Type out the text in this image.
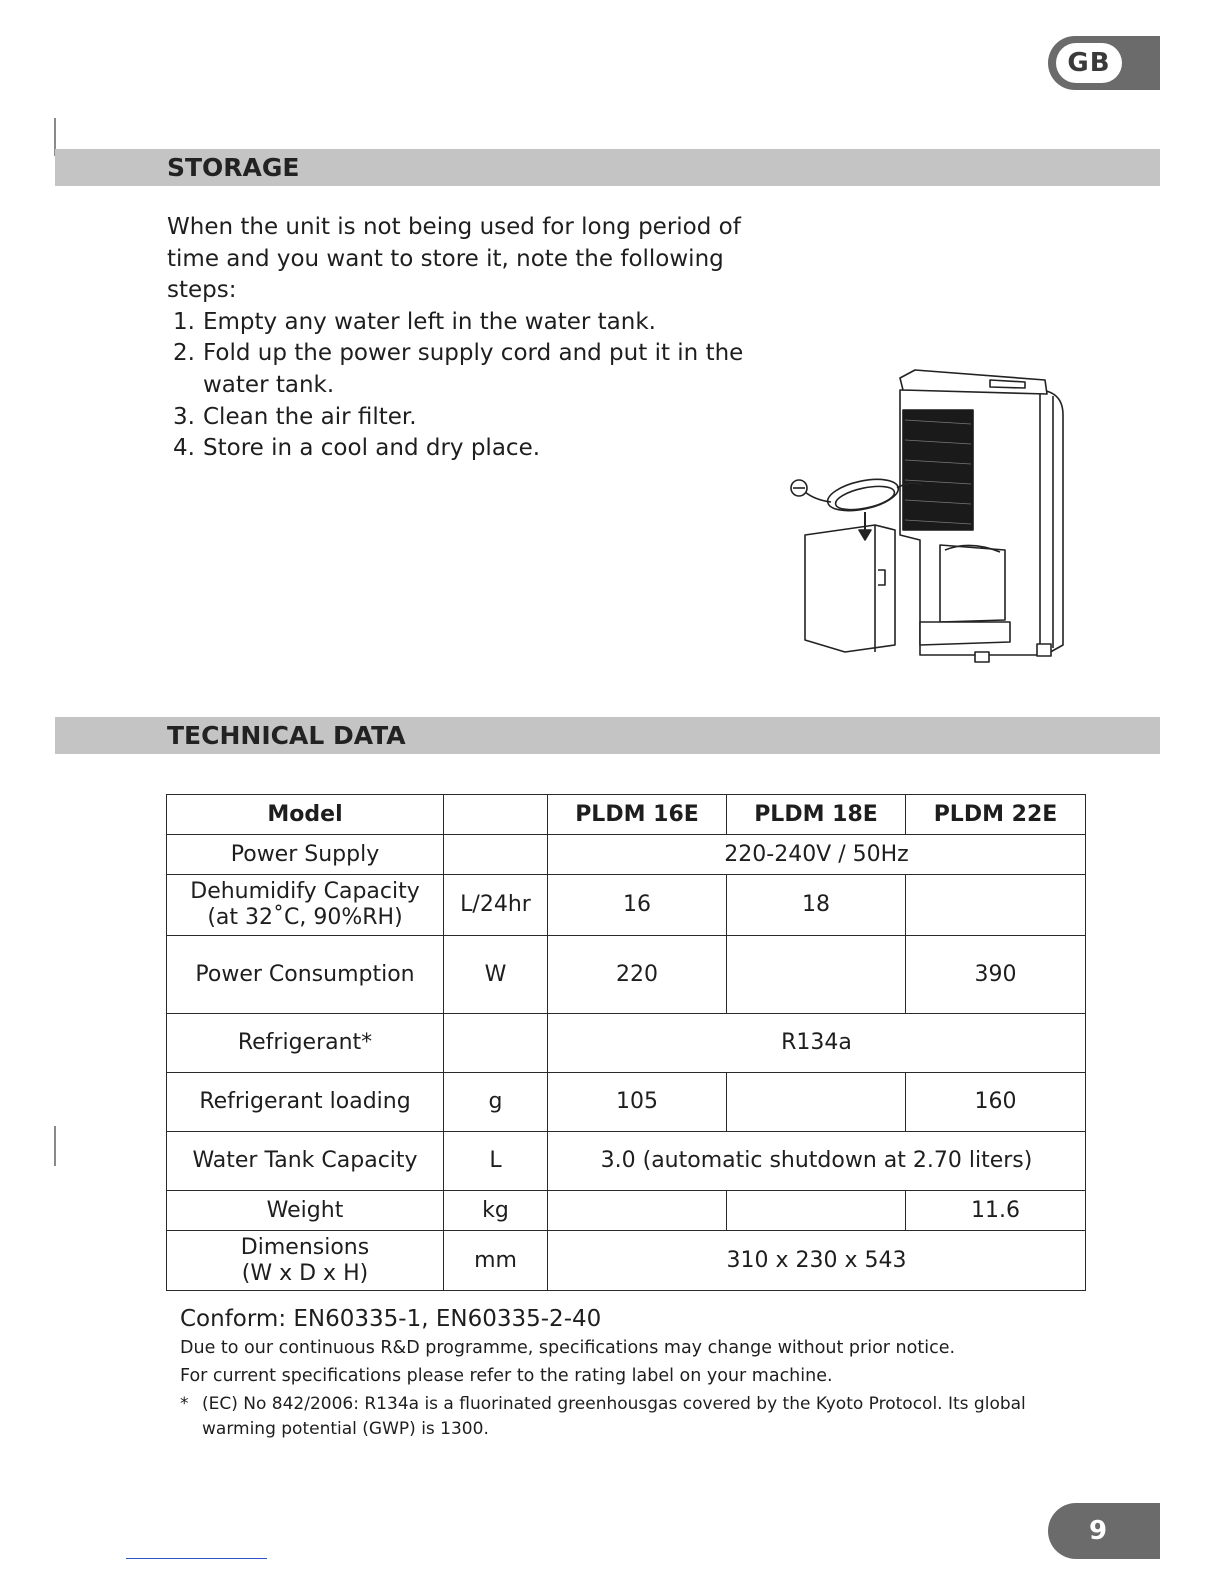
GB
STORAGE

When the unit is not being used for long period of time and you want to store it, note the following steps:

1. Empty any water left in the water tank.
2. Fold up the power supply cord and put it in the water tank.
3. Clean the air filter.
4. Store in a cool and dry place.
TECHNICAL DATA
Model		PLDM 16E	PLDM 18E	PLDM 22E
Power Supply		220-240V / 50Hz		
Dehumidify Capacity
(at 32˚C, 90%RH)	L/24hr	16	18	
Power Consumption	W	220		390
Refrigerant*		R134a		
Refrigerant loading	g	105		160
Water Tank Capacity	L	3.0 (automatic shutdown at 2.70 liters)		
Weight	kg			11.6
Dimensions
(W x D x H)	mm	310 x 230 x 543		
Conform: EN60335-1, EN60335-2-40
Due to our continuous R&D programme, specifications may change without prior notice.
For current specifications please refer to the rating label on your machine.
* (EC) No 842/2006: R134a is a fluorinated greenhousgas covered by the Kyoto Protocol. Its global warming potential (GWP) is 1300.
9
